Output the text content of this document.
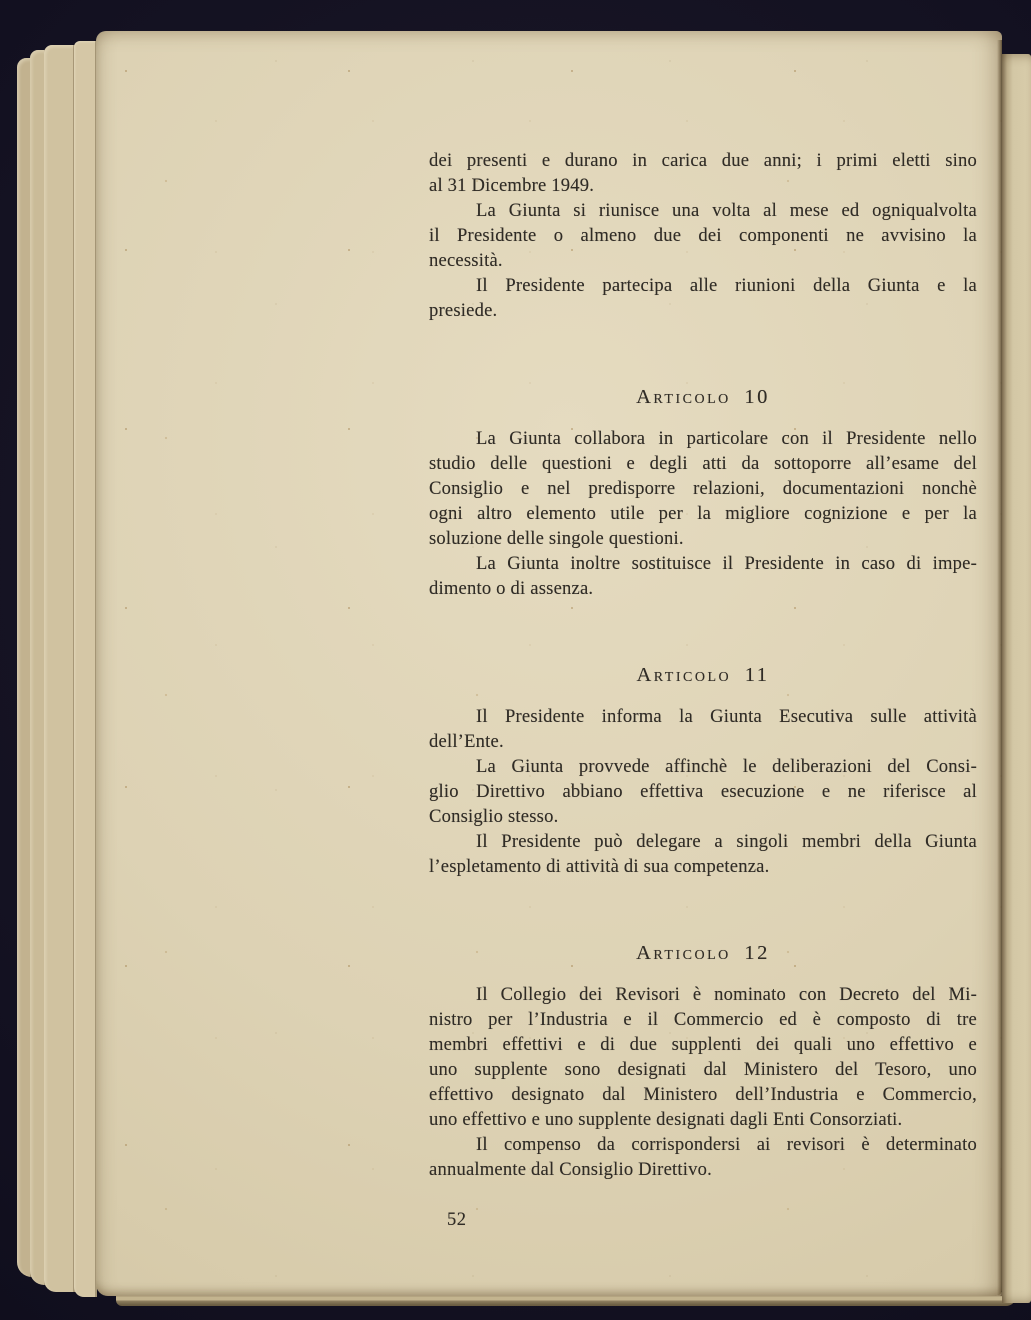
dei presenti e durano in carica due anni; i primi eletti sino
al 31 Dicembre 1949.
La Giunta si riunisce una volta al mese ed ogniqualvolta
il Presidente o almeno due dei componenti ne avvisino la
necessità.
Il Presidente partecipa alle riunioni della Giunta e la
presiede.
Articolo 10
La Giunta collabora in particolare con il Presidente nello
studio delle questioni e degli atti da sottoporre all’esame del
Consiglio e nel predisporre relazioni, documentazioni nonchè
ogni altro elemento utile per la migliore cognizione e per la
soluzione delle singole questioni.
La Giunta inoltre sostituisce il Presidente in caso di impe-
dimento o di assenza.
Articolo 11
Il Presidente informa la Giunta Esecutiva sulle attività
dell’Ente.
La Giunta provvede affinchè le deliberazioni del Consi-
glio Direttivo abbiano effettiva esecuzione e ne riferisce al
Consiglio stesso.
Il Presidente può delegare a singoli membri della Giunta
l’espletamento di attività di sua competenza.
Articolo 12
Il Collegio dei Revisori è nominato con Decreto del Mi-
nistro per l’Industria e il Commercio ed è composto di tre
membri effettivi e di due supplenti dei quali uno effettivo e
uno supplente sono designati dal Ministero del Tesoro, uno
effettivo designato dal Ministero dell’Industria e Commercio,
uno effettivo e uno supplente designati dagli Enti Consorziati.
Il compenso da corrispondersi ai revisori è determinato
annualmente dal Consiglio Direttivo.
52
